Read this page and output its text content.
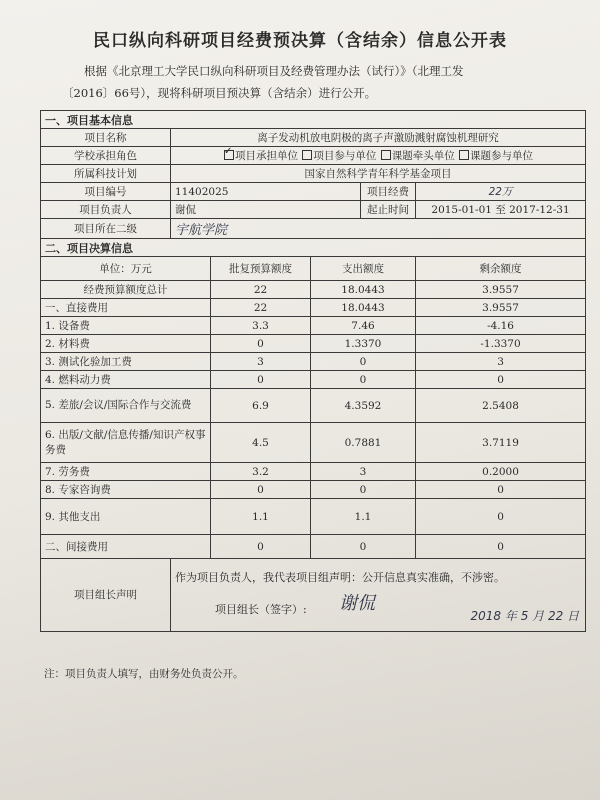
民口纵向科研项目经费预决算（含结余）信息公开表
根据《北京理工大学民口纵向科研项目及经费管理办法（试行）》（北理工发
〔2016〕66号），现将科研项目预决算（含结余）进行公开。
一、项目基本信息					
项目名称	离子发动机放电阴极的离子声激励溅射腐蚀机理研究				
学校承担角色	✓项目承担单位 项目参与单位 课题牵头单位 课题参与单位
所属科技计划	国家自然科学青年科学基金项目				
项目编号	11402025			项目经费	22万
项目负责人	谢侃			起止时间	2015-01-01 至 2017-12-31
项目所在二级	宇航学院				
二、项目决算信息					
单位：万元		批复预算额度	支出额度		剩余额度
经费预算额度总计		22	18.0443		3.9557
一、直接费用		22	18.0443		3.9557
1. 设备费		3.3	7.46		-4.16
2. 材料费		0	1.3370		-1.3370
3. 测试化验加工费		3	0		3
4. 燃料动力费		0	0		0
5. 差旅/会议/国际合作与交流费		6.9	4.3592		2.5408
6. 出版/文献/信息传播/知识产权事务费		4.5	0.7881		3.7119
7. 劳务费		3.2	3		0.2000
8. 专家咨询费		0	0		0
9. 其他支出		1.1	1.1		0
二、间接费用		0	0		0
项目组长声明	作为项目负责人，我代表项目组声明：公开信息真实准确，不涉密。
项目组长（签字）: 谢侃
2018 年 5 月 22 日				
注：项目负责人填写，由财务处负责公开。
